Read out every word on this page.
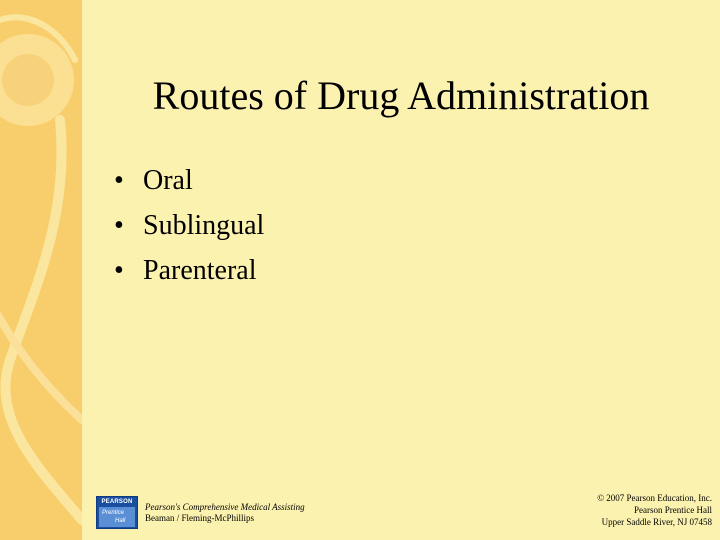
Routes of Drug Administration
• Oral
• Sublingual
• Parenteral
PEARSON
Prentice
Hall
Pearson's Comprehensive Medical Assisting
Beaman / Fleming-McPhillips
© 2007 Pearson Education, Inc.
Pearson Prentice Hall
Upper Saddle River, NJ 07458
